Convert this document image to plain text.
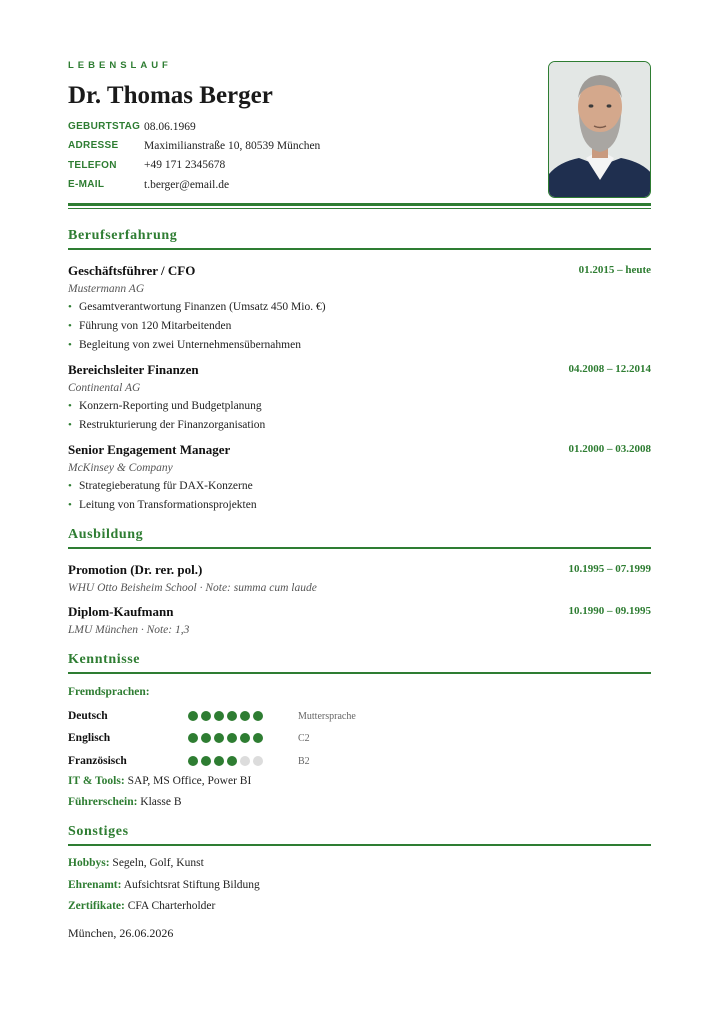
LEBENSLAUF
Dr. Thomas Berger
GEBURTSTAG 08.06.1969
ADRESSE	Maximilianstraße 10, 80539 München
TELEFON	+49 171 2345678
E-MAIL	t.berger@email.de
Berufserfahrung
Geschäftsführer / CFO	01.2015 – heute
Mustermann AG
• Gesamtverantwortung Finanzen (Umsatz 450 Mio. €)
• Führung von 120 Mitarbeitenden
• Begleitung von zwei Unternehmensübernahmen
Bereichsleiter Finanzen	04.2008 – 12.2014
Continental AG
• Konzern-Reporting und Budgetplanung
• Restrukturierung der Finanzorganisation
Senior Engagement Manager	01.2000 – 03.2008
McKinsey & Company
• Strategieberatung für DAX-Konzerne
• Leitung von Transformationsprojekten
Ausbildung
Promotion (Dr. rer. pol.)	10.1995 – 07.1999
WHU Otto Beisheim School · Note: summa cum laude
Diplom-Kaufmann	10.1990 – 09.1995
LMU München · Note: 1,3
Kenntnisse
Fremdsprachen:
Deutsch	Muttersprache
Englisch	C2
Französisch	B2
IT & Tools: SAP, MS Office, Power BI
Führerschein: Klasse B
Sonstiges
Hobbys: Segeln, Golf, Kunst
Ehrenamt: Aufsichtsrat Stiftung Bildung
Zertifikate: CFA Charterholder
München, 26.06.2026
